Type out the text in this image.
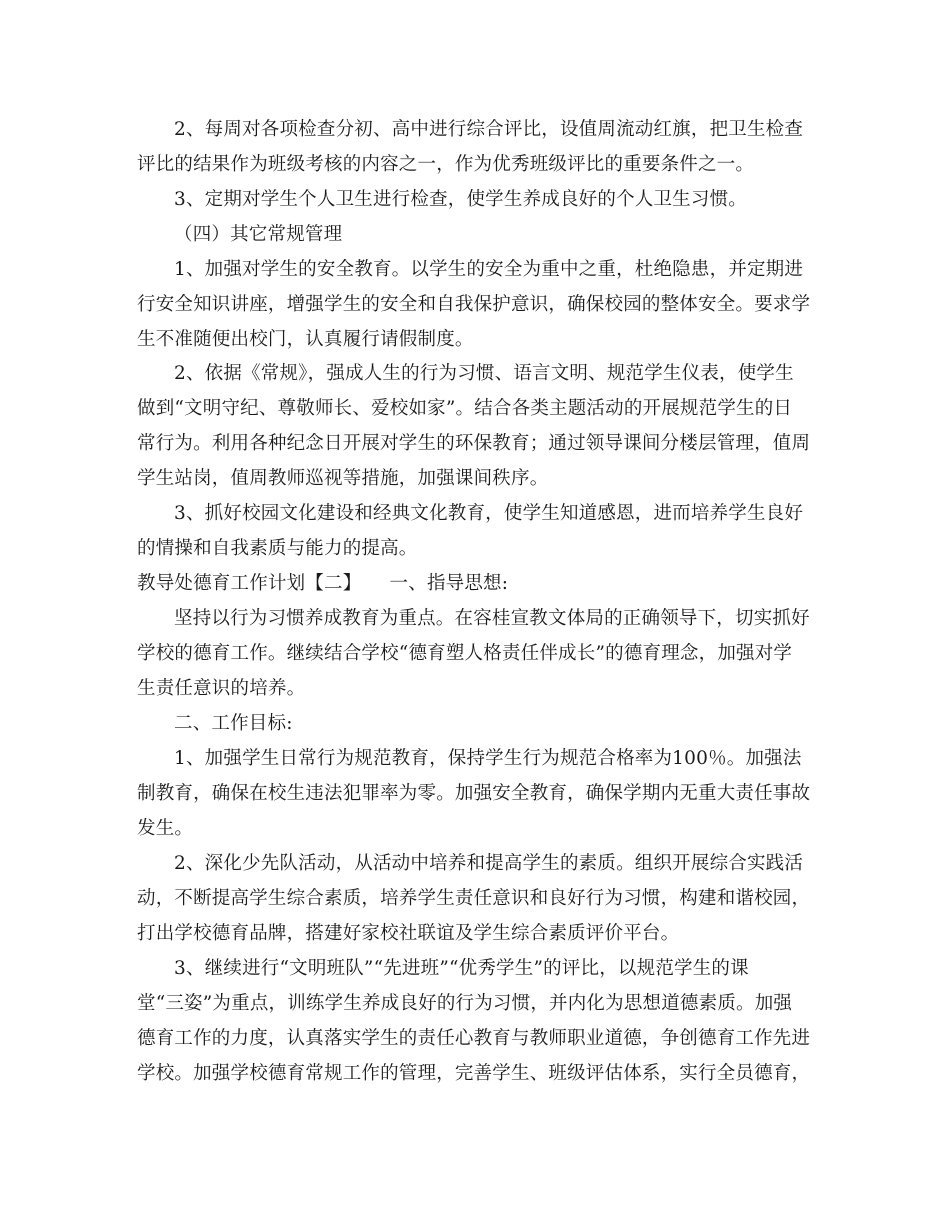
2、每周对各项检查分初、高中进行综合评比，设值周流动红旗，把卫生检查
评比的结果作为班级考核的内容之一，作为优秀班级评比的重要条件之一。
3、定期对学生个人卫生进行检查，使学生养成良好的个人卫生习惯。
（四）其它常规管理
1、加强对学生的安全教育。以学生的安全为重中之重，杜绝隐患，并定期进
行安全知识讲座，增强学生的安全和自我保护意识，确保校园的整体安全。要求学
生不准随便出校门，认真履行请假制度。
2、依据《常规》，强成人生的行为习惯、语言文明、规范学生仪表，使学生
做到“文明守纪、尊敬师长、爱校如家”。结合各类主题活动的开展规范学生的日
常行为。利用各种纪念日开展对学生的环保教育；通过领导课间分楼层管理，值周
学生站岗，值周教师巡视等措施，加强课间秩序。
3、抓好校园文化建设和经典文化教育，使学生知道感恩，进而培养学生良好
的情操和自我素质与能力的提高。
教导处德育工作计划【二】　　一、指导思想:
坚持以行为习惯养成教育为重点。在容桂宣教文体局的正确领导下，切实抓好
学校的德育工作。继续结合学校“德育塑人格责任伴成长”的德育理念，加强对学
生责任意识的培养。
二、工作目标:
1、加强学生日常行为规范教育，保持学生行为规范合格率为100％。加强法
制教育，确保在校生违法犯罪率为零。加强安全教育，确保学期内无重大责任事故
发生。
2、深化少先队活动，从活动中培养和提高学生的素质。组织开展综合实践活
动，不断提高学生综合素质，培养学生责任意识和良好行为习惯，构建和谐校园，
打出学校德育品牌，搭建好家校社联谊及学生综合素质评价平台。
3、继续进行“文明班队”“先进班”“优秀学生”的评比，以规范学生的课
堂“三姿”为重点，训练学生养成良好的行为习惯，并内化为思想道德素质。加强
德育工作的力度，认真落实学生的责任心教育与教师职业道德，争创德育工作先进
学校。加强学校德育常规工作的管理，完善学生、班级评估体系，实行全员德育，
